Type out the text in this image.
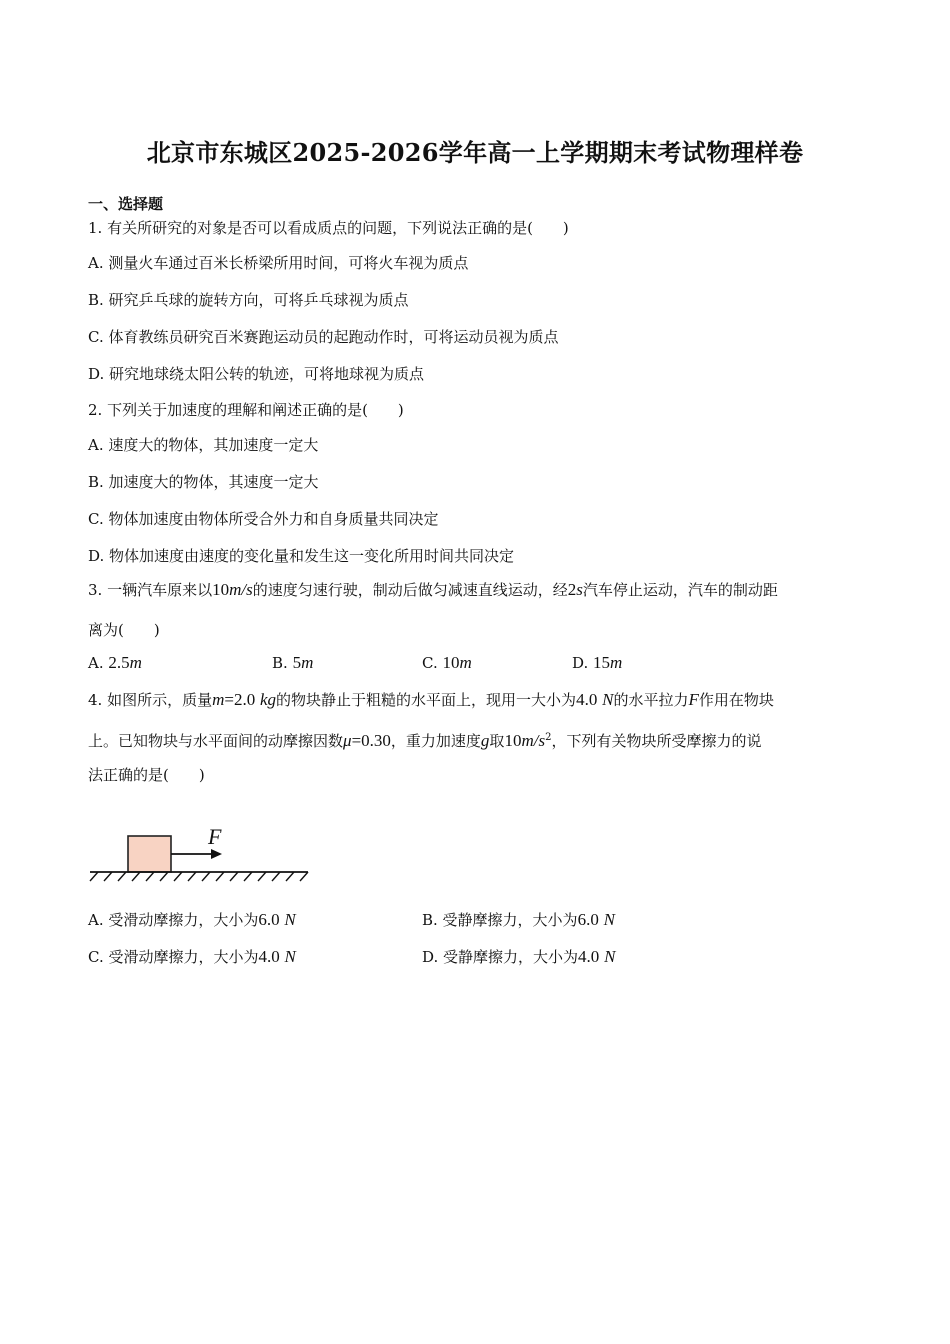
北京市东城区2025-2026学年高一上学期期末考试物理样卷
一、选择题
1. 有关所研究的对象是否可以看成质点的问题，下列说法正确的是(　　)
A. 测量火车通过百米长桥梁所用时间，可将火车视为质点
B. 研究乒乓球的旋转方向，可将乒乓球视为质点
C. 体育教练员研究百米赛跑运动员的起跑动作时，可将运动员视为质点
D. 研究地球绕太阳公转的轨迹，可将地球视为质点
2. 下列关于加速度的理解和阐述正确的是(　　)
A. 速度大的物体，其加速度一定大
B. 加速度大的物体，其速度一定大
C. 物体加速度由物体所受合外力和自身质量共同决定
D. 物体加速度由速度的变化量和发生这一变化所用时间共同决定
3. 一辆汽车原来以10m/s的速度匀速行驶，制动后做匀减速直线运动，经2s汽车停止运动，汽车的制动距
离为(　　)
A. 2.5m	B. 5m	C. 10m	D. 15m
4. 如图所示，质量m=2.0 kg的物块静止于粗糙的水平面上，现用一大小为4.0 N的水平拉力F作用在物块
上。已知物块与水平面间的动摩擦因数μ=0.30，重力加速度g取$10m/s^2$，下列有关物块所受摩擦力的说
法正确的是(　　)
F
A. 受滑动摩擦力，大小为6.0 N	B. 受静摩擦力，大小为6.0 N
C. 受滑动摩擦力，大小为4.0 N	D. 受静摩擦力，大小为4.0 N
